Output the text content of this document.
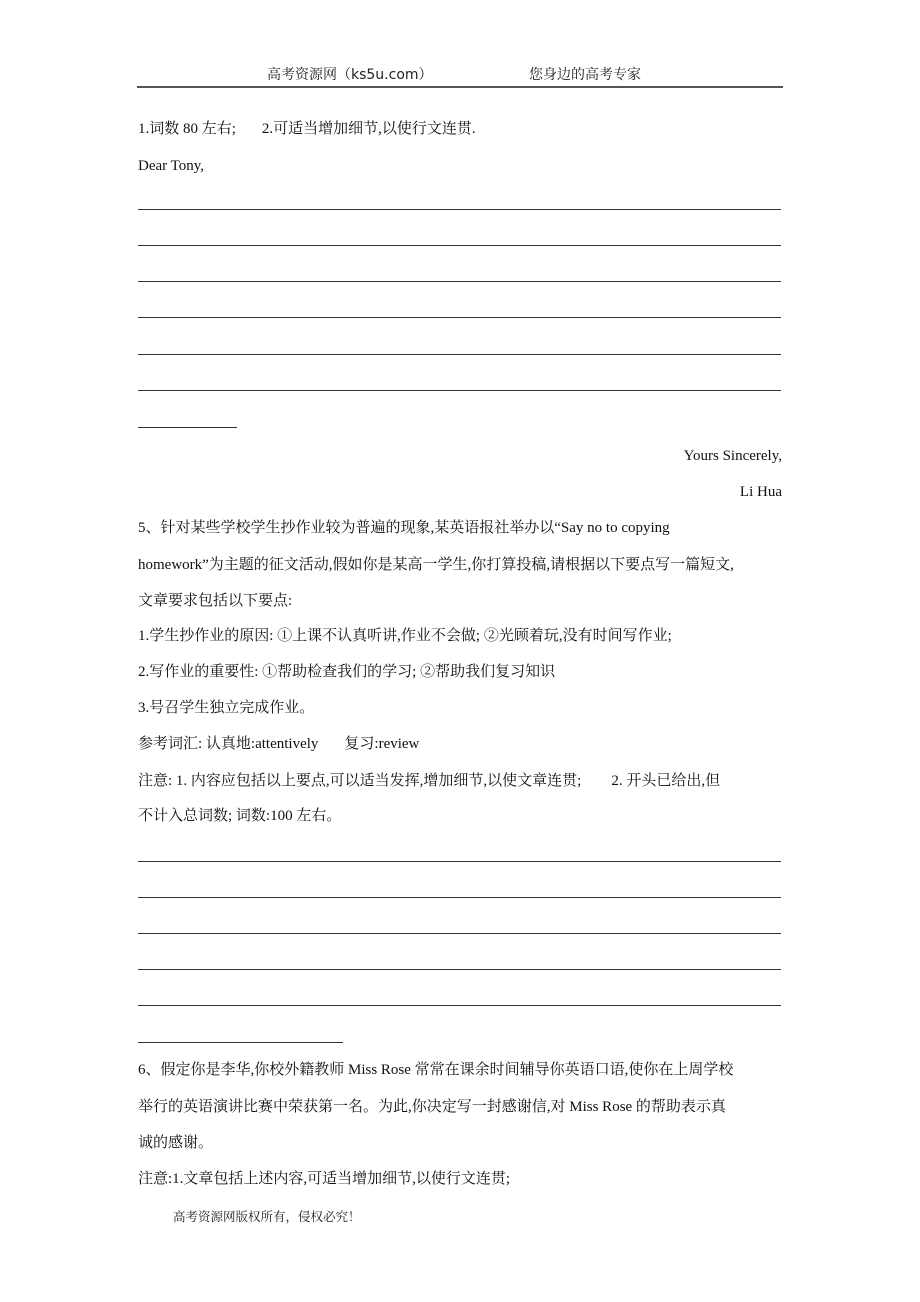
高考资源网（ks5u.com）	您身边的高考专家
1.词数 80 左右; 2.可适当增加细节,以使行文连贯.
Dear Tony,
Yours Sincerely,
Li Hua
5、针对某些学校学生抄作业较为普遍的现象,某英语报社举办以“Say no to copying
homework”为主题的征文活动,假如你是某高一学生,你打算投稿,请根据以下要点写一篇短文,
文章要求包括以下要点:
1.学生抄作业的原因: ①上课不认真听讲,作业不会做; ②光顾着玩,没有时间写作业;
2.写作业的重要性: ①帮助检查我们的学习; ②帮助我们复习知识
3.号召学生独立完成作业。
参考词汇: 认真地:attentively 复习:review
注意: 1. 内容应包括以上要点,可以适当发挥,增加细节,以使文章连贯; 2. 开头已给出,但
不计入总词数; 词数:100 左右。
6、假定你是李华,你校外籍教师 Miss Rose 常常在课余时间辅导你英语口语,使你在上周学校
举行的英语演讲比赛中荣获第一名。为此,你决定写一封感谢信,对 Miss Rose 的帮助表示真
诚的感谢。
注意:1.文章包括上述内容,可适当增加细节,以使行文连贯;
高考资源网版权所有，侵权必究！
